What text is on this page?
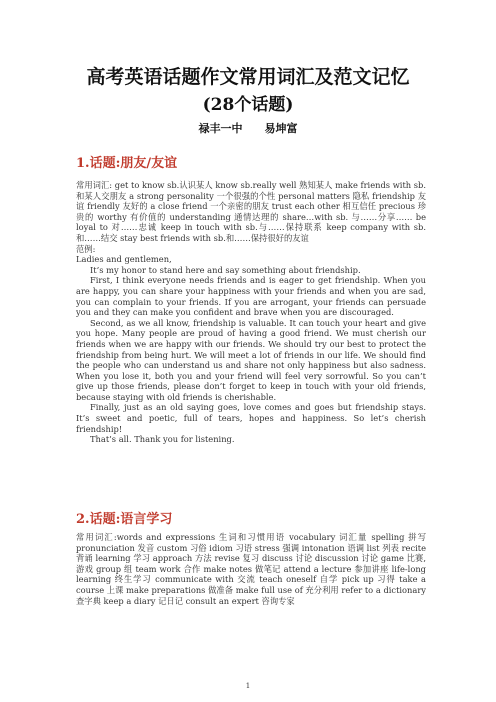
高考英语话题作文常用词汇及范文记忆
(28个话题)
禄丰一中　　易坤富
1.话题:朋友/友谊

常用词汇: get to know sb.认识某人 know sb.really well 熟知某人 make friends with sb.和某人交朋友 a strong personality 一个很强的个性 personal matters 隐私 friendship 友谊 friendly 友好的 a close friend 一个亲密的朋友 trust each other 相互信任 precious 珍贵的 worthy 有价值的 understanding 通情达理的 share…with sb. 与……分享…… be loyal to 对……忠诚 keep in touch with sb.与……保持联系 keep company with sb.和……结交 stay best friends with sb.和……保持很好的友谊

范例:

Ladies and gentlemen,

It’s my honor to stand here and say something about friendship.

First, I think everyone needs friends and is eager to get friendship. When you are happy, you can share your happiness with your friends and when you are sad, you can complain to your friends. If you are arrogant, your friends can persuade you and they can make you confident and brave when you are discouraged.

Second, as we all know, friendship is valuable. It can touch your heart and give you hope. Many people are proud of having a good friend. We must cherish our friends when we are happy with our friends. We should try our best to protect the friendship from being hurt. We will meet a lot of friends in our life. We should find the people who can understand us and share not only happiness but also sadness. When you lose it, both you and your friend will feel very sorrowful. So you can’t give up those friends, please don’t forget to keep in touch with your old friends, because staying with old friends is cherishable.

Finally, just as an old saying goes, love comes and goes but friendship stays. It’s sweet and poetic, full of tears, hopes and happiness. So let’s cherish friendship!

That’s all. Thank you for listening.

2.话题:语言学习

常用词汇:words and expressions 生词和习惯用语 vocabulary 词汇量 spelling 拼写 pronunciation 发音 custom 习俗 idiom 习语 stress 强调 intonation 语调 list 列表 recite 背诵 learning 学习 approach 方法 revise 复习 discuss 讨论 discussion 讨论 game 比赛,游戏 group 组 team work 合作 make notes 做笔记 attend a lecture 参加讲座 life-long learning 终生学习 communicate with 交流 teach oneself 自学 pick up 习得 take a course 上课 make preparations 做准备 make full use of 充分利用 refer to a dictionary 查字典 keep a diary 记日记 consult an expert 咨询专家

1
